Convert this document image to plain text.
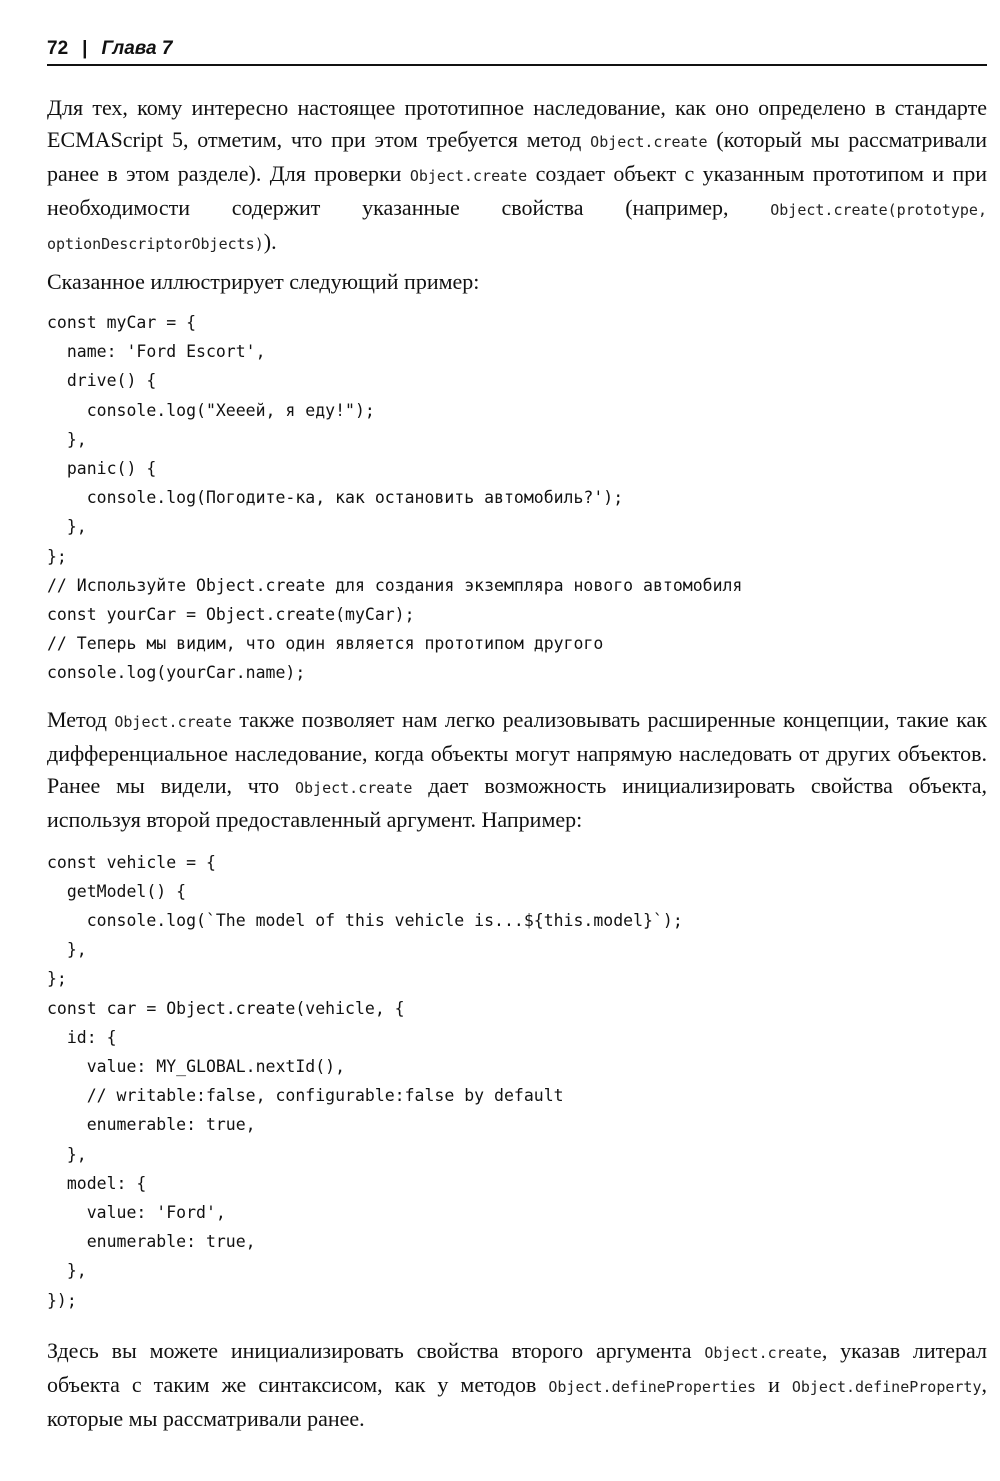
72 | Глава 7

Для тех, кому интересно настоящее прототипное наследование, как оно определено в стандарте ECMAScript 5, отметим, что при этом требуется метод Object.create (который мы рассматривали ранее в этом разделе). Для проверки Object.create создает объект с указанным прототипом и при необходимости содержит указанные свойства (например, Object.create(prototype, optionDescriptorObjects)).

Сказанное иллюстрирует следующий пример:

const myCar = {
name: 'Ford Escort',
drive() {
console.log("Хееей, я еду!");
},
panic() {
console.log(Погодите-ка, как остановить автомобиль?');
},
};
// Используйте Object.create для создания экземпляра нового автомобиля
const yourCar = Object.create(myCar);
// Теперь мы видим, что один является прототипом другого
console.log(yourCar.name);

Метод Object.create также позволяет нам легко реализовывать расширенные концепции, такие как дифференциальное наследование, когда объекты могут напрямую наследовать от других объектов. Ранее мы видели, что Object.create дает возможность инициализировать свойства объекта, используя второй предоставленный аргумент. Например:

const vehicle = {
getModel() {
console.log(`The model of this vehicle is...${this.model}`);
},
};
const car = Object.create(vehicle, {
id: {
value: MY_GLOBAL.nextId(),
// writable:false, configurable:false by default
enumerable: true,
},
model: {
value: 'Ford',
enumerable: true,
},
});

Здесь вы можете инициализировать свойства второго аргумента Object.create, указав литерал объекта с таким же синтаксисом, как у методов Object.defineProperties и Object.defineProperty, которые мы рассматривали ранее.
